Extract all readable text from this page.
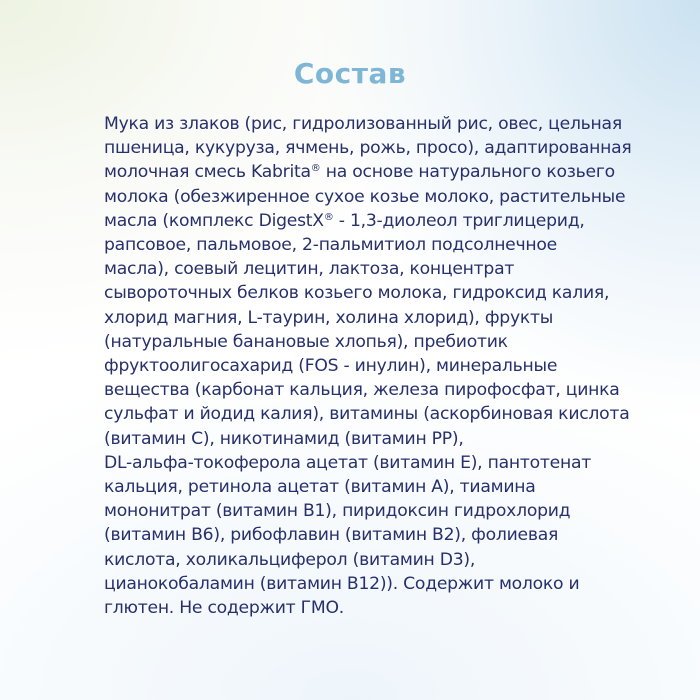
Состав
Мука из злаков (рис, гидролизованный рис, овес, цельная
пшеница, кукуруза, ячмень, рожь, просо), адаптированная
молочная смесь Kabrita® на основе натурального козьего
молока (обезжиренное сухое козье молоко, растительные
масла (комплекс DigestX® - 1,3-диолеол триглицерид,
рапсовое, пальмовое, 2-пальмитиол подсолнечное
масла), соевый лецитин, лактоза, концентрат
сывороточных белков козьего молока, гидроксид калия,
хлорид магния, L-таурин, холина хлорид), фрукты
(натуральные банановые хлопья), пребиотик
фруктоолигосахарид (FOS - инулин), минеральные
вещества (карбонат кальция, железа пирофосфат, цинка
сульфат и йодид калия), витамины (аскорбиновая кислота
(витамин С), никотинамид (витамин РР),
DL-альфа-токоферола ацетат (витамин Е), пантотенат
кальция, ретинола ацетат (витамин А), тиамина
мононитрат (витамин В1), пиридоксин гидрохлорид
(витамин В6), рибофлавин (витамин В2), фолиевая
кислота, холикальциферол (витамин D3),
цианокобаламин (витамин В12)). Содержит молоко и
глютен. Не содержит ГМО.
